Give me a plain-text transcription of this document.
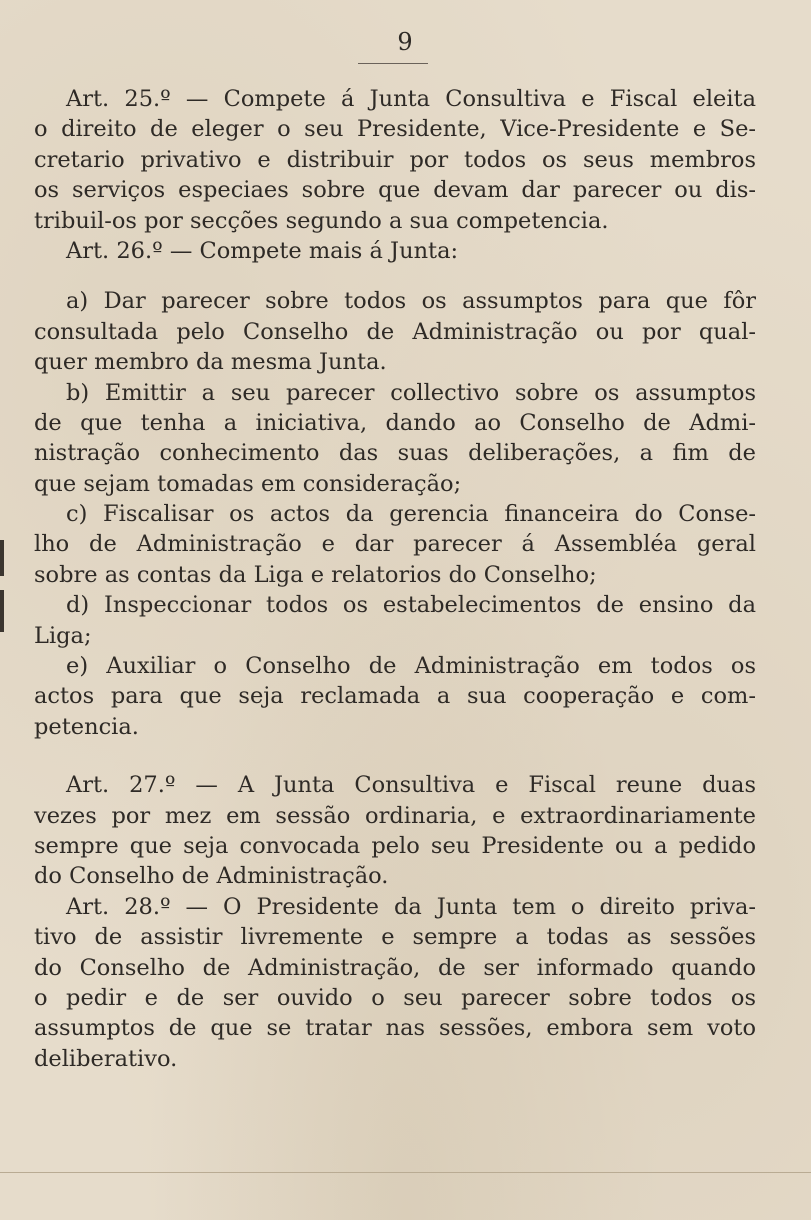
9
Art. 25.º — Compete á Junta Consultiva e Fiscal eleita
o direito de eleger o seu Presidente, Vice-Presidente e Se-
cretario privativo e distribuir por todos os seus membros
os serviços especiaes sobre que devam dar parecer ou dis-
tribuil-os por secções segundo a sua competencia.
Art. 26.º — Compete mais á Junta:
a) Dar parecer sobre todos os assumptos para que fôr
consultada pelo Conselho de Administração ou por qual-
quer membro da mesma Junta.
b) Emittir a seu parecer collectivo sobre os assumptos
de que tenha a iniciativa, dando ao Conselho de Admi-
nistração conhecimento das suas deliberações, a fim de
que sejam tomadas em consideração;
c) Fiscalisar os actos da gerencia financeira do Conse-
lho de Administração e dar parecer á Assembléa geral
sobre as contas da Liga e relatorios do Conselho;
d) Inspeccionar todos os estabelecimentos de ensino da
Liga;
e) Auxiliar o Conselho de Administração em todos os
actos para que seja reclamada a sua cooperação e com-
petencia.
Art. 27.º — A Junta Consultiva e Fiscal reune duas
vezes por mez em sessão ordinaria, e extraordinariamente
sempre que seja convocada pelo seu Presidente ou a pedido
do Conselho de Administração.
Art. 28.º — O Presidente da Junta tem o direito priva-
tivo de assistir livremente e sempre a todas as sessões
do Conselho de Administração, de ser informado quando
o pedir e de ser ouvido o seu parecer sobre todos os
assumptos de que se tratar nas sessões, embora sem voto
deliberativo.
